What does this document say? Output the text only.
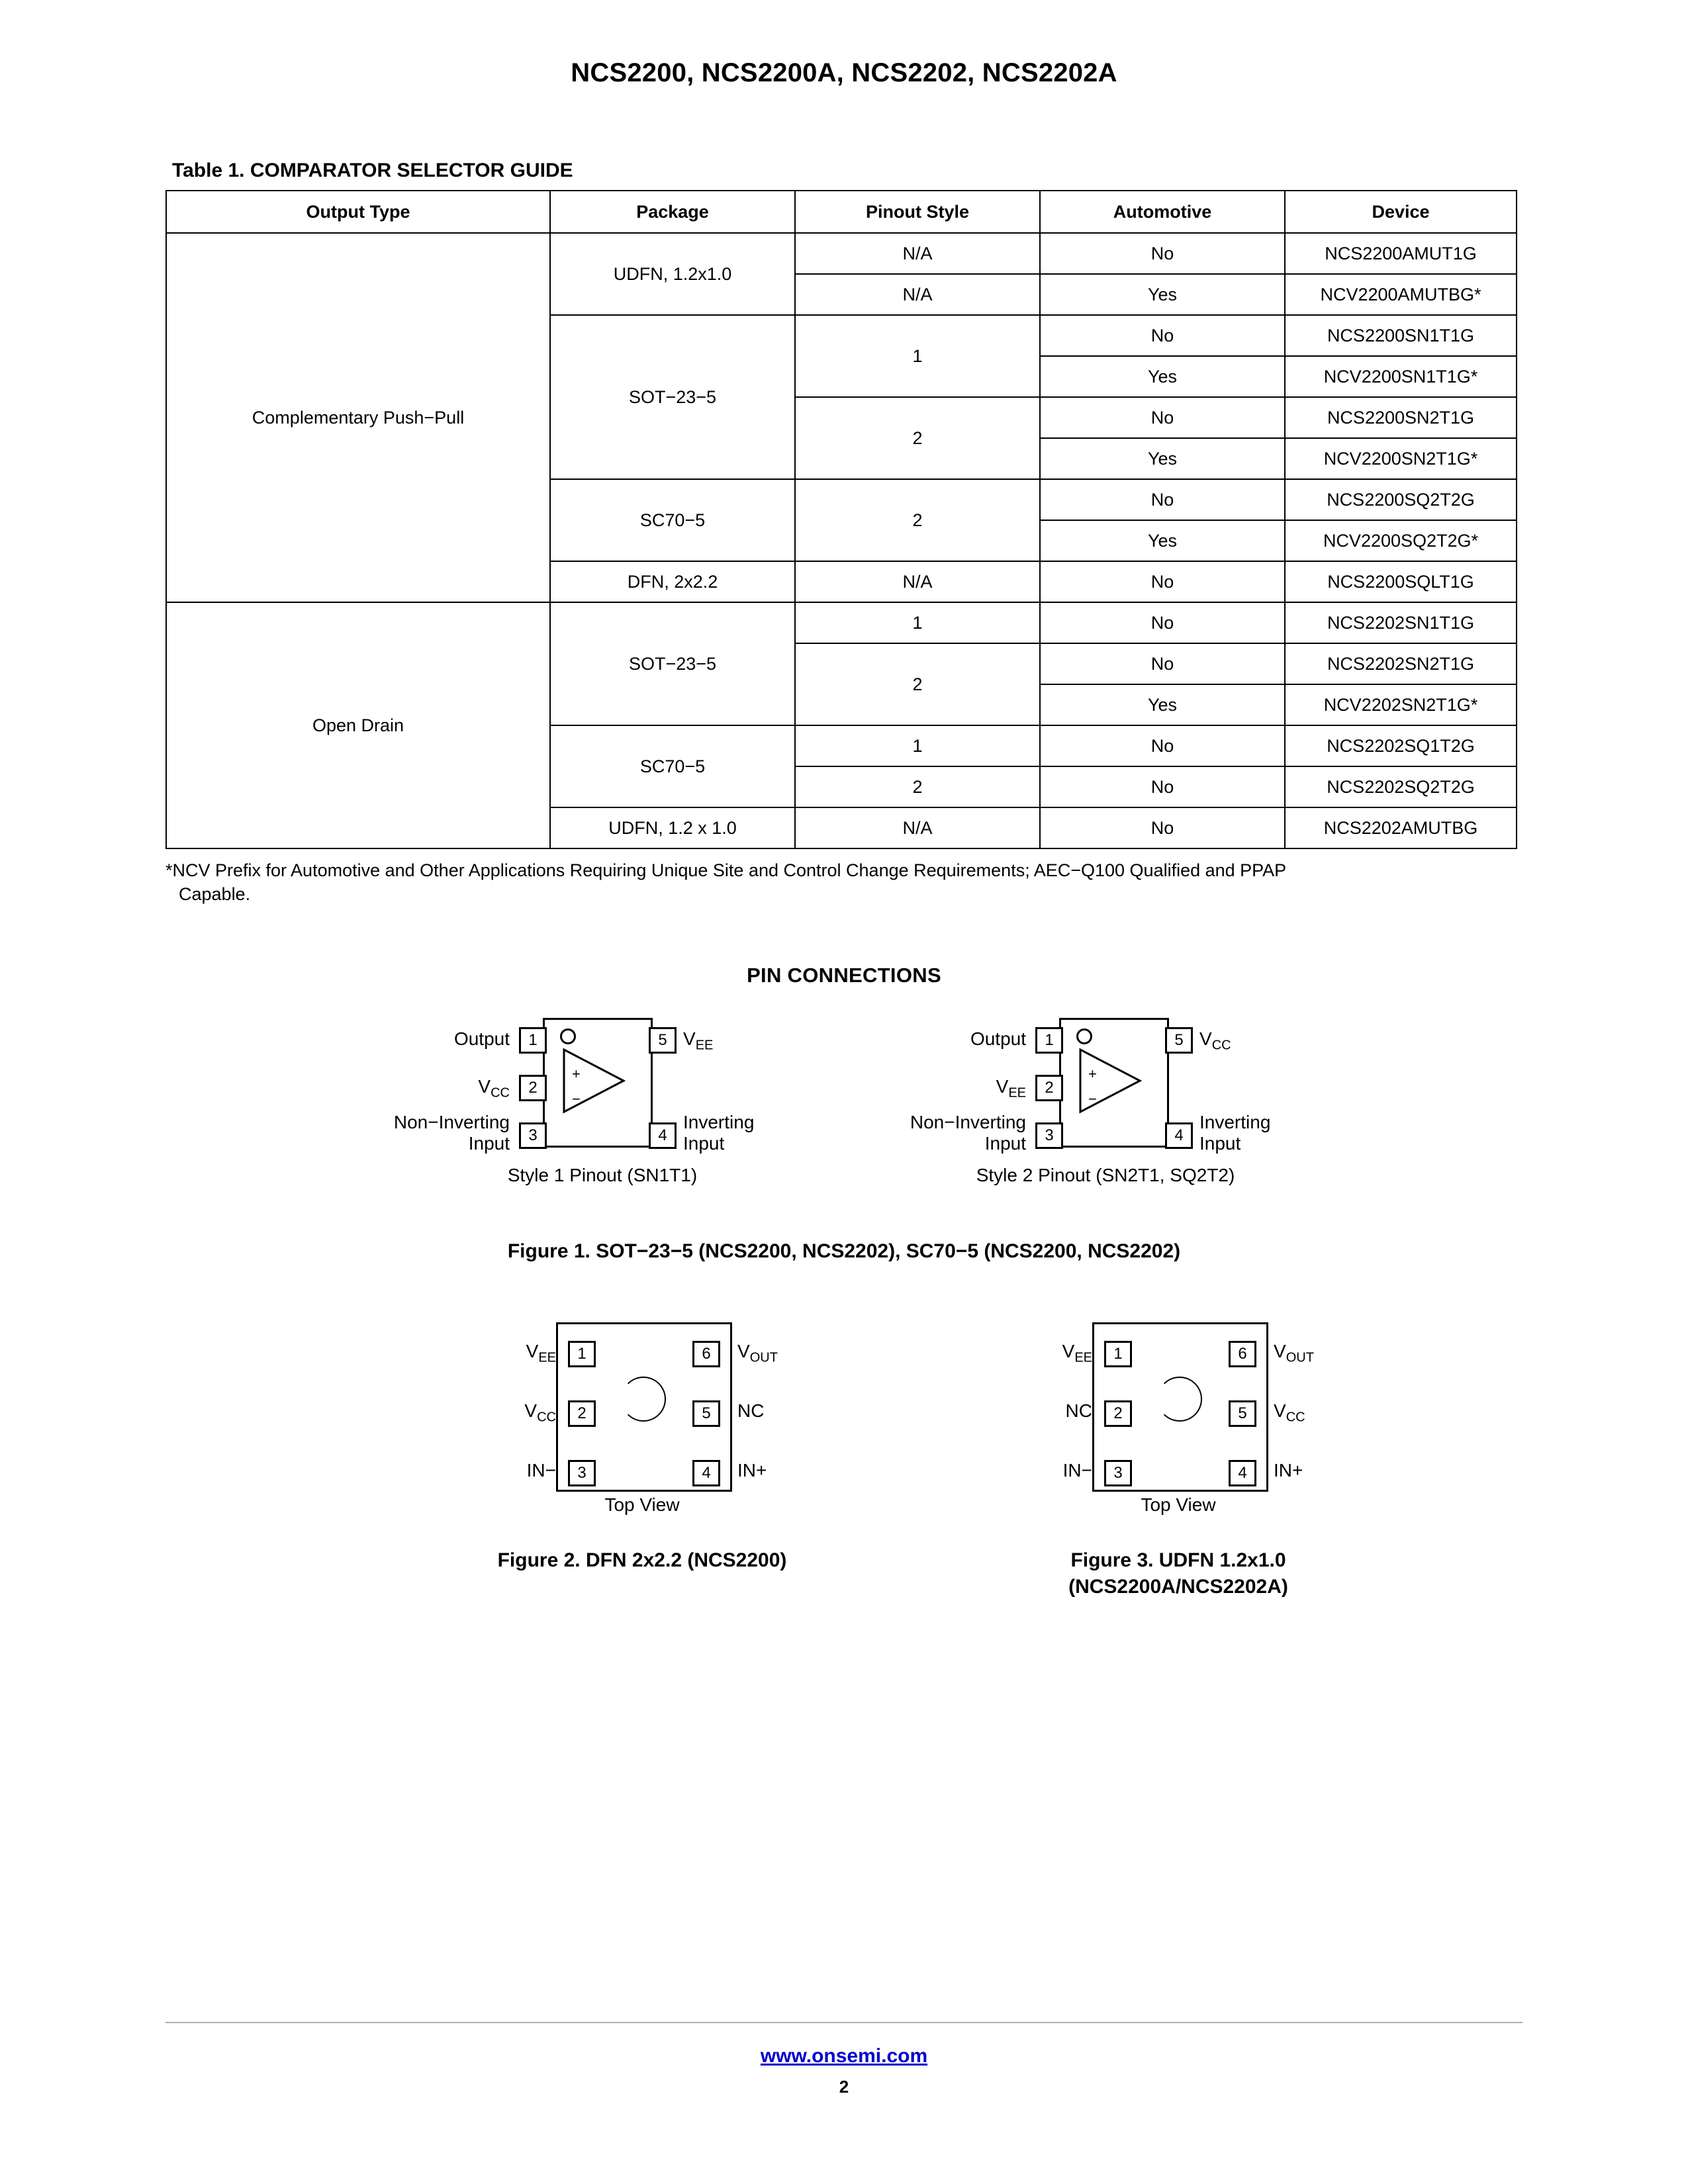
NCS2200, NCS2200A, NCS2202, NCS2202A
Table 1. COMPARATOR SELECTOR GUIDE
Output Type	Package	Pinout Style	Automotive	Device
Complementary Push−Pull	UDFN, 1.2x1.0	N/A	No	NCS2200AMUT1G
		N/A	Yes	NCV2200AMUTBG*
	SOT−23−5	1	No	NCS2200SN1T1G
			Yes	NCV2200SN1T1G*
		2	No	NCS2200SN2T1G
			Yes	NCV2200SN2T1G*
	SC70−5	2	No	NCS2200SQ2T2G
			Yes	NCV2200SQ2T2G*
	DFN, 2x2.2	N/A	No	NCS2200SQLT1G
Open Drain	SOT−23−5	1	No	NCS2202SN1T1G
		2	No	NCS2202SN2T1G
			Yes	NCV2202SN2T1G*
	SC70−5	1	No	NCS2202SQ1T2G
		2	No	NCS2202SQ2T2G
	UDFN, 1.2 x 1.0	N/A	No	NCS2202AMUTBG
*NCV Prefix for Automotive and Other Applications Requiring Unique Site and Control Change Requirements; AEC−Q100 Qualified and PPAP
Capable.
PIN CONNECTIONS
+
−
1
2
3	4
5
Output
$V_{CC}$
Non−Inverting
Input
$V_{EE}$
Inverting
Input
Style 1 Pinout (SN1T1)
+
−
1
2
3	4
5
Output
$V_{EE}$
Non−Inverting
Input
$V_{CC}$
Inverting
Input
Style 2 Pinout (SN2T1, SQ2T2)
Figure 1. SOT−23−5 (NCS2200, NCS2202), SC70−5 (NCS2200, NCS2202)
1
2
3
6
5
4
$V_{EE}$
$V_{CC}$
IN−
$V_{OUT}$
NC
IN+
Top View
1
2
3
6
5
4
$V_{EE}$
NC
IN−
$V_{OUT}$
$V_{CC}$
IN+
Top View
Figure 2. DFN 2x2.2 (NCS2200)	Figure 3. UDFN 1.2x1.0
(NCS2200A/NCS2202A)
www.onsemi.com
2
